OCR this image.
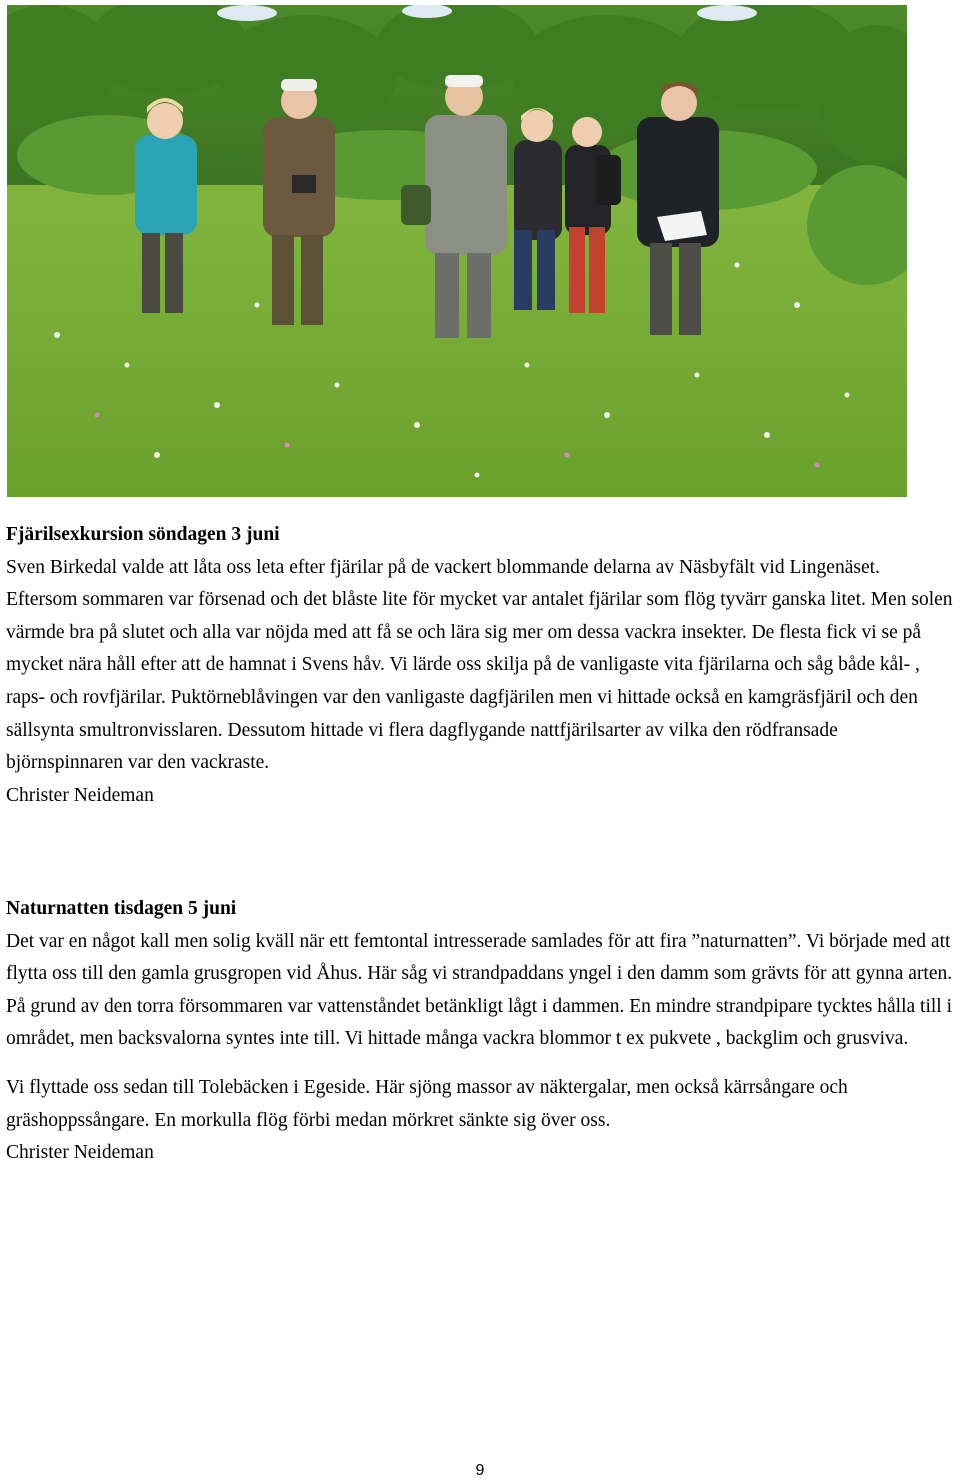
Fjärilsexkursion söndagen 3 juni

Sven Birkedal valde att låta oss leta efter fjärilar på de vackert blommande delarna av Näsbyfält vid Lingenäset. Eftersom sommaren var försenad och det blåste lite för mycket var antalet fjärilar som flög tyvärr ganska litet. Men solen värmde bra på slutet och alla var nöjda med att få se och lära sig mer om dessa vackra insekter. De flesta fick vi se på mycket nära håll efter att de hamnat i Svens håv. Vi lärde oss skilja på de vanligaste vita fjärilarna och såg både kål- , raps- och rovfjärilar. Puktörneblåvingen var den vanligaste dagfjärilen men vi hittade också en kamgräsfjäril och den sällsynta smultronvisslaren. Dessutom hittade vi flera dagflygande nattfjärilsarter av vilka den rödfransade björnspinnaren var den vackraste.

Christer Neideman

Naturnatten tisdagen 5 juni

Det var en något kall men solig kväll när ett femtontal intresserade samlades för att fira ”naturnatten”. Vi började med att flytta oss till den gamla grusgropen vid Åhus. Här såg vi strandpaddans yngel i den damm som grävts för att gynna arten. På grund av den torra försommaren var vattenståndet betänkligt lågt i dammen. En mindre strandpipare tycktes hålla till i området, men backsvalorna syntes inte till. Vi hittade många vackra blommor t ex pukvete , backglim och grusviva.

Vi flyttade oss sedan till Tolebäcken i Egeside. Här sjöng massor av näktergalar, men också kärrsångare och gräshoppssångare. En morkulla flög förbi medan mörkret sänkte sig över oss.

Christer Neideman

9
